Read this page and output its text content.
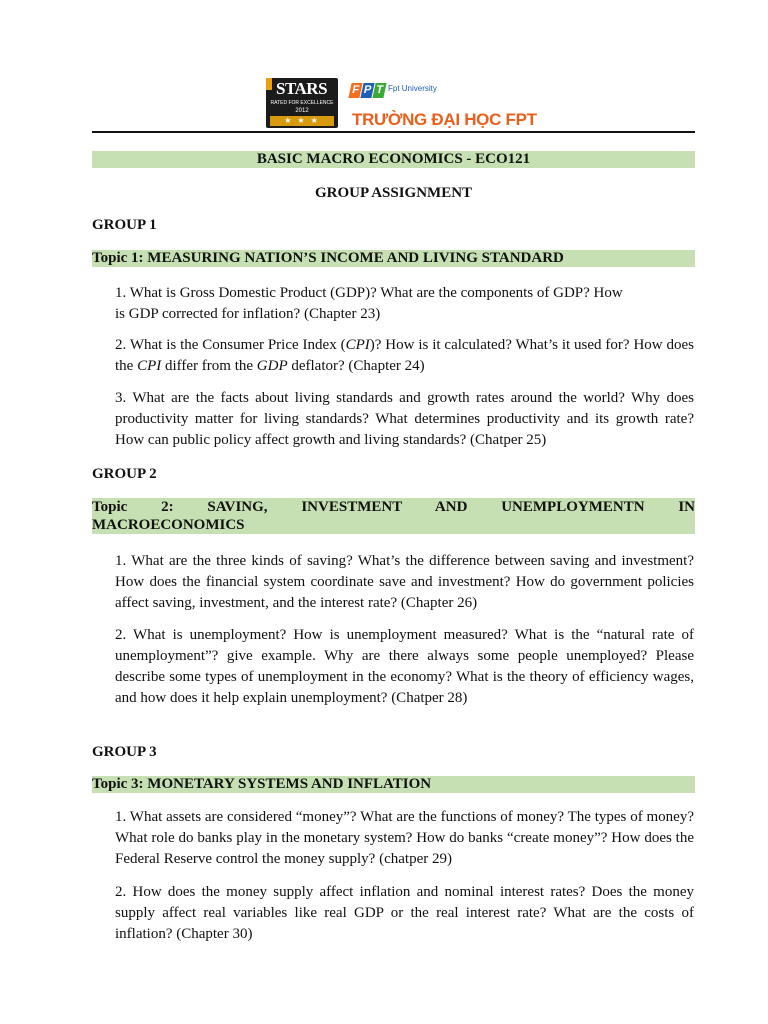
STARS
RATED FOR EXCELLENCE
2012
★ ★ ★
F P T Fpt University
TRƯỜNG ĐẠI HỌC FPT
BASIC MACRO ECONOMICS - ECO121
GROUP ASSIGNMENT
GROUP 1
Topic 1: MEASURING NATION’S INCOME AND LIVING STANDARD
1. What is Gross Domestic Product (GDP)? What are the components of GDP? How
is GDP corrected for inflation? (Chapter 23)
2. What is the Consumer Price Index (CPI)? How is it calculated? What’s it used for? How does the CPI differ from the GDP deflator? (Chapter 24)
3. What are the facts about living standards and growth rates around the world? Why does productivity matter for living standards? What determines productivity and its growth rate? How can public policy affect growth and living standards? (Chatper 25)
GROUP 2
Topic 2: SAVING, INVESTMENT AND UNEMPLOYMENTN IN
MACROECONOMICS
1. What are the three kinds of saving? What’s the difference between saving and investment? How does the financial system coordinate save and investment? How do government policies affect saving, investment, and the interest rate? (Chapter 26)
2. What is unemployment? How is unemployment measured? What is the “natural rate of unemployment”? give example. Why are there always some people unemployed? Please describe some types of unemployment in the economy? What is the theory of efficiency wages, and how does it help explain unemployment? (Chatper 28)
GROUP 3
Topic 3: MONETARY SYSTEMS AND INFLATION
1. What assets are considered “money”? What are the functions of money? The types of money? What role do banks play in the monetary system? How do banks “create money”? How does the Federal Reserve control the money supply? (chatper 29)
2. How does the money supply affect inflation and nominal interest rates? Does the money supply affect real variables like real GDP or the real interest rate? What are the costs of inflation? (Chapter 30)
